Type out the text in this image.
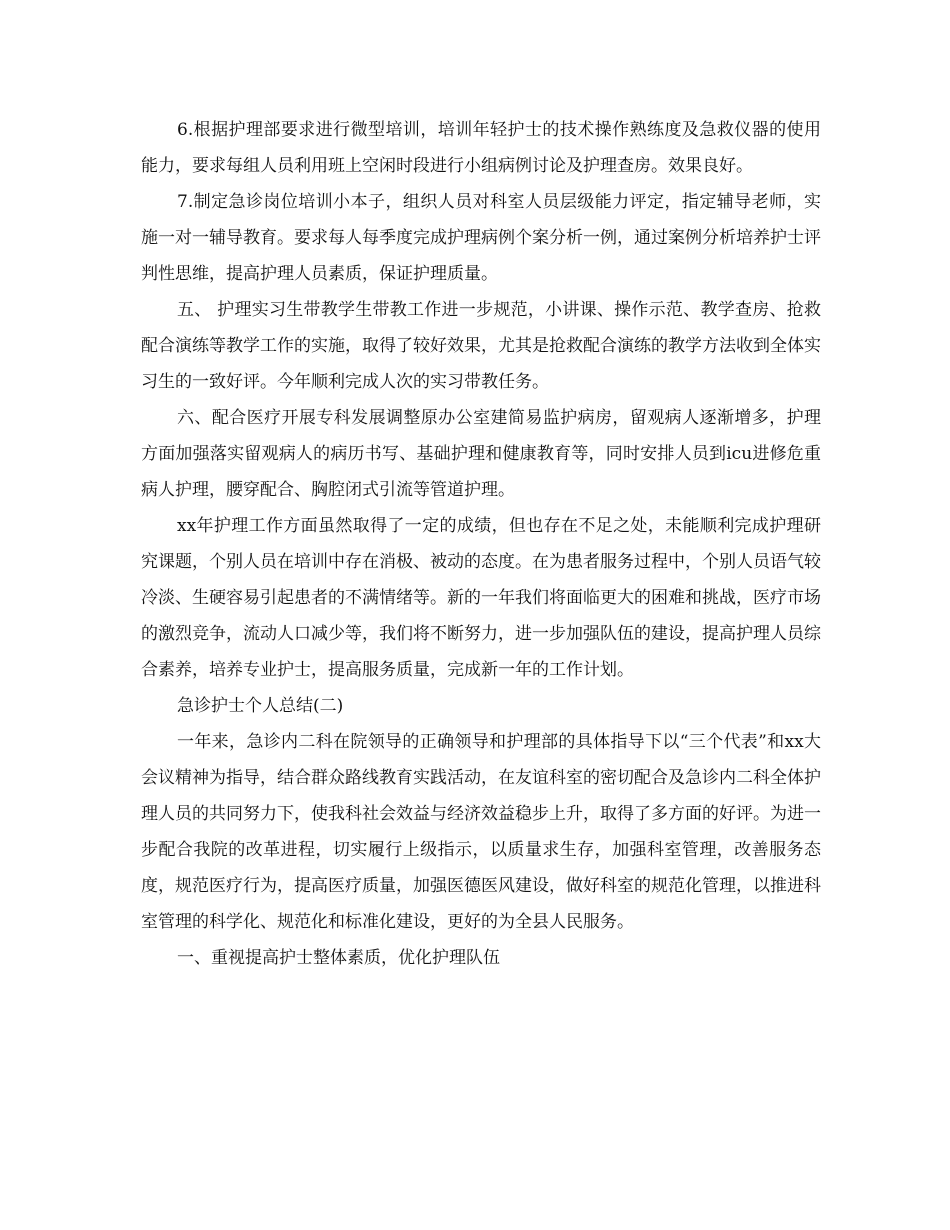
6.根据护理部要求进行微型培训，培训年轻护士的技术操作熟练度及急救仪器的使用能力，要求每组人员利用班上空闲时段进行小组病例讨论及护理查房。效果良好。

7.制定急诊岗位培训小本子，组织人员对科室人员层级能力评定，指定辅导老师，实施一对一辅导教育。要求每人每季度完成护理病例个案分析一例，通过案例分析培养护士评判性思维，提高护理人员素质，保证护理质量。

五、 护理实习生带教学生带教工作进一步规范，小讲课、操作示范、教学查房、抢救配合演练等教学工作的实施，取得了较好效果，尤其是抢救配合演练的教学方法收到全体实习生的一致好评。今年顺利完成人次的实习带教任务。

六、配合医疗开展专科发展调整原办公室建简易监护病房，留观病人逐渐增多，护理方面加强落实留观病人的病历书写、基础护理和健康教育等，同时安排人员到icu进修危重病人护理，腰穿配合、胸腔闭式引流等管道护理。

xx年护理工作方面虽然取得了一定的成绩，但也存在不足之处，未能顺利完成护理研究课题，个别人员在培训中存在消极、被动的态度。在为患者服务过程中，个别人员语气较冷淡、生硬容易引起患者的不满情绪等。新的一年我们将面临更大的困难和挑战，医疗市场的激烈竞争，流动人口减少等，我们将不断努力，进一步加强队伍的建设，提高护理人员综合素养，培养专业护士，提高服务质量，完成新一年的工作计划。

急诊护士个人总结(二)

一年来，急诊内二科在院领导的正确领导和护理部的具体指导下以“三个代表”和xx大会议精神为指导，结合群众路线教育实践活动，在友谊科室的密切配合及急诊内二科全体护理人员的共同努力下，使我科社会效益与经济效益稳步上升，取得了多方面的好评。为进一步配合我院的改革进程，切实履行上级指示，以质量求生存，加强科室管理，改善服务态度，规范医疗行为，提高医疗质量，加强医德医风建设，做好科室的规范化管理，以推进科室管理的科学化、规范化和标准化建设，更好的为全县人民服务。

一、重视提高护士整体素质，优化护理队伍
